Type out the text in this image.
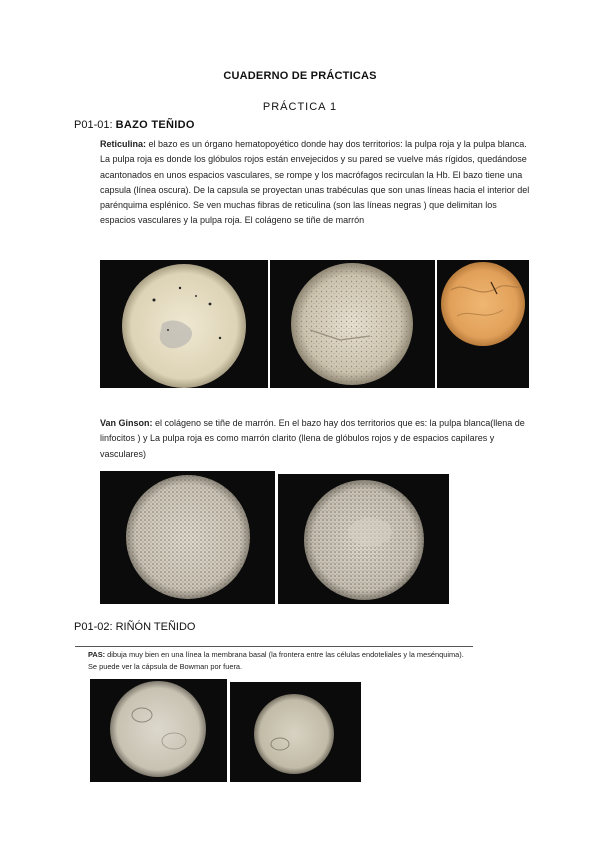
CUADERNO DE PRÁCTICAS
PRÁCTICA 1
P01-01: BAZO TEÑIDO
Reticulina: el bazo es un órgano hematopoyético donde hay dos territorios: la pulpa roja y la pulpa blanca. La pulpa roja es donde los glóbulos rojos están envejecidos y su pared se vuelve más rígidos, quedándose acantonados en unos espacios vasculares, se rompe y los macrófagos recirculan la Hb. El bazo tiene una capsula (línea oscura). De la capsula se proyectan unas trabéculas que son unas líneas hacia el interior del parénquima esplénico. Se ven muchas fibras de reticulina (son las líneas negras ) que delimitan los espacios vasculares y la pulpa roja. El colágeno se tiñe de marrón
Van Ginson: el colágeno se tiñe de marrón. En el bazo hay dos territorios que es: la pulpa blanca(llena de linfocitos ) y La pulpa roja es como marrón clarito (llena de glóbulos rojos y de espacios capilares y vasculares)
P01-02: RIÑÓN TEÑIDO
PAS: dibuja muy bien en una línea la membrana basal (la frontera entre las células endoteliales y la mesénquima). Se puede ver la cápsula de Bowman por fuera.
